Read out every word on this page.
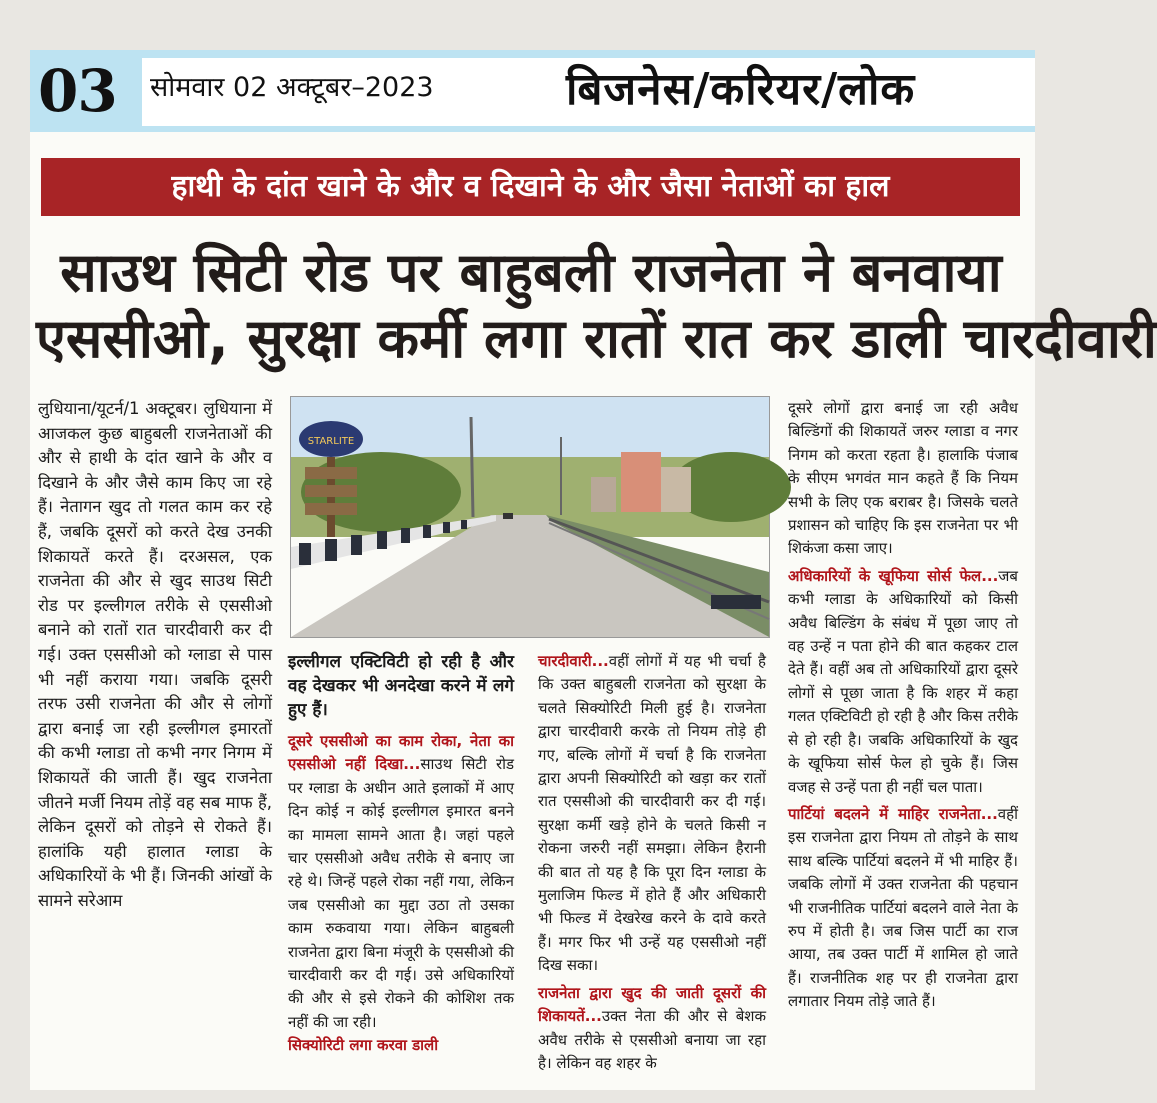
03	सोमवार 02 अक्टूबर–2023	बिजनेस/करियर/लोक
हाथी के दांत खाने के और व दिखाने के और जैसा नेताओं का हाल
साउथ सिटी रोड पर बाहुबली राजनेता ने बनवाया
एससीओ, सुरक्षा कर्मी लगा रातों रात कर डाली चारदीवारी

लुधियाना/यूटर्न/1 अक्टूबर। लुधियाना में आजकल कुछ बाहुबली राजनेताओं की और से हाथी के दांत खाने के और व दिखाने के और जैसे काम किए जा रहे हैं। नेतागन खुद तो गलत काम कर रहे हैं, जबकि दूसरों को करते देख उनकी शिकायतें करते हैं। दरअसल, एक राजनेता की और से खुद साउथ सिटी रोड पर इल्लीगल तरीके से एससीओ बनाने को रातों रात चारदीवारी कर दी गई। उक्त एससीओ को ग्लाडा से पास भी नहीं कराया गया। जबकि दूसरी तरफ उसी राजनेता की और से लोगों द्वारा बनाई जा रही इल्लीगल इमारतों की कभी ग्लाडा तो कभी नगर निगम में शिकायतें की जाती हैं। खुद राजनेता जीतने मर्जी नियम तोड़ें वह सब माफ हैं, लेकिन दूसरों को तोड़ने से रोकते हैं। हालांकि यही हालात ग्लाडा के अधिकारियों के भी हैं। जिनकी आंखों के सामने सरेआम

STARLITE

इल्लीगल एक्टिविटी हो रही है और वह देखकर भी अनदेखा करने में लगे हुए हैं।

दूसरे एससीओ का काम रोका, नेता का एससीओ नहीं दिखा...साउथ सिटी रोड पर ग्लाडा के अधीन आते इलाकों में आए दिन कोई न कोई इल्लीगल इमारत बनने का मामला सामने आता है। जहां पहले चार एससीओ अवैध तरीके से बनाए जा रहे थे। जिन्हें पहले रोका नहीं गया, लेकिन जब एससीओ का मुद्दा उठा तो उसका काम रुकवाया गया। लेकिन बाहुबली राजनेता द्वारा बिना मंजूरी के एससीओ की चारदीवारी कर दी गई। उसे अधिकारियों की और से इसे रोकने की कोशिश तक नहीं की जा रही।

सिक्योरिटी लगा करवा डाली

चारदीवारी...वहीं लोगों में यह भी चर्चा है कि उक्त बाहुबली राजनेता को सुरक्षा के चलते सिक्योरिटी मिली हुई है। राजनेता द्वारा चारदीवारी करके तो नियम तोड़े ही गए, बल्कि लोगों में चर्चा है कि राजनेता द्वारा अपनी सिक्योरिटी को खड़ा कर रातों रात एससीओ की चारदीवारी कर दी गई। सुरक्षा कर्मी खड़े होने के चलते किसी न रोकना जरुरी नहीं समझा। लेकिन हैरानी की बात तो यह है कि पूरा दिन ग्लाडा के मुलाजिम फिल्ड में होते हैं और अधिकारी भी फिल्ड में देखरेख करने के दावे करते हैं। मगर फिर भी उन्हें यह एससीओ नहीं दिख सका।

राजनेता द्वारा खुद की जाती दूसरों की शिकायतें...उक्त नेता की और से बेशक अवैध तरीके से एससीओ बनाया जा रहा है। लेकिन वह शहर के

दूसरे लोगों द्वारा बनाई जा रही अवैध बिल्डिंगों की शिकायतें जरुर ग्लाडा व नगर निगम को करता रहता है। हालाकि पंजाब के सीएम भगवंत मान कहते हैं कि नियम सभी के लिए एक बराबर है। जिसके चलते प्रशासन को चाहिए कि इस राजनेता पर भी शिकंजा कसा जाए।

अधिकारियों के खूफिया सोर्स फेल...जब कभी ग्लाडा के अधिकारियों को किसी अवैध बिल्डिंग के संबंध में पूछा जाए तो वह उन्हें न पता होने की बात कहकर टाल देते हैं। वहीं अब तो अधिकारियों द्वारा दूसरे लोगों से पूछा जाता है कि शहर में कहा गलत एक्टिविटी हो रही है और किस तरीके से हो रही है। जबकि अधिकारियों के खुद के खूफिया सोर्स फेल हो चुके हैं। जिस वजह से उन्हें पता ही नहीं चल पाता।

पार्टियां बदलने में माहिर राजनेता...वहीं इस राजनेता द्वारा नियम तो तोड़ने के साथ साथ बल्कि पार्टियां बदलने में भी माहिर हैं। जबकि लोगों में उक्त राजनेता की पहचान भी राजनीतिक पार्टियां बदलने वाले नेता के रुप में होती है। जब जिस पार्टी का राज आया, तब उक्त पार्टी में शामिल हो जाते हैं। राजनीतिक शह पर ही राजनेता द्वारा लगातार नियम तोड़े जाते हैं।
